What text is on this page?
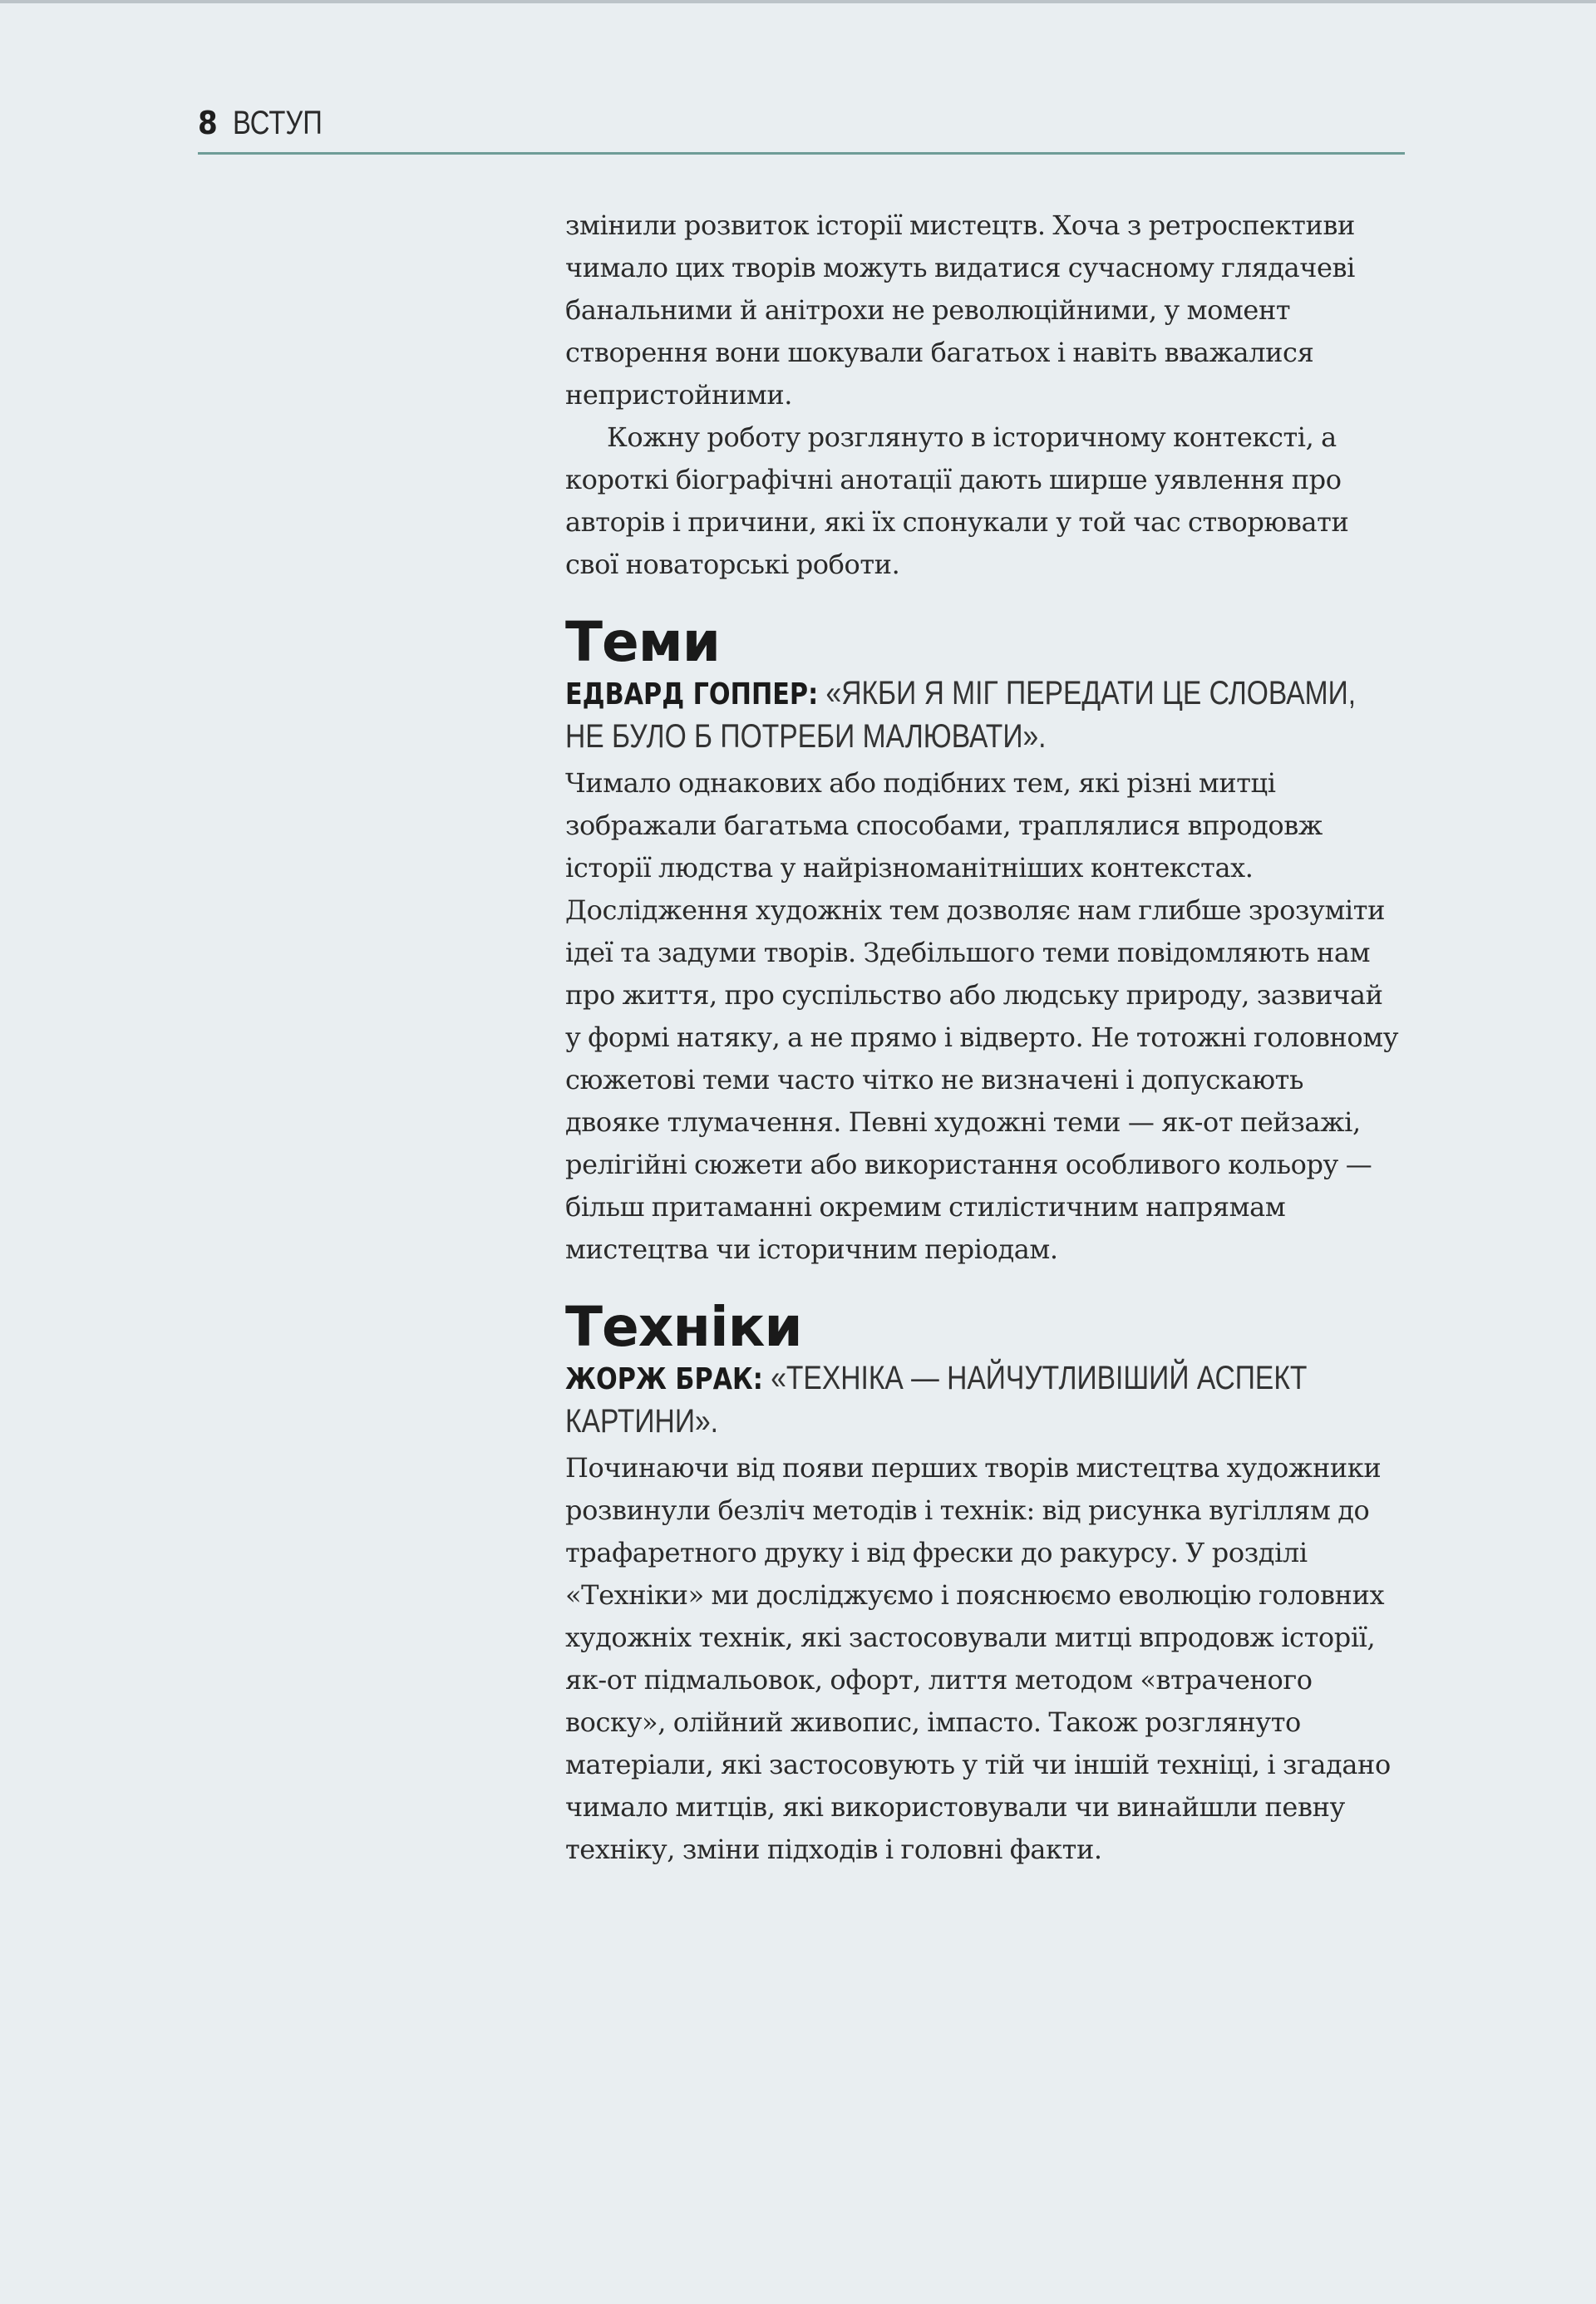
8 ВСТУП

змінили розвиток історії мистецтв. Хоча з ретроспективи чимало цих творів можуть видатися сучасному глядачеві банальними й анітрохи не революційними, у момент створення вони шокували багатьох і навіть вважалися непристойними.

Кожну роботу розглянуто в історичному контексті, а короткі біографічні анотації дають ширше уявлення про авторів і причини, які їх спонукали у той час створювати свої новаторські роботи.

Теми

ЕДВАРД ГОППЕР: «ЯКБИ Я МІГ ПЕРЕДАТИ ЦЕ СЛОВАМИ, НЕ БУЛО Б ПОТРЕБИ МАЛЮВАТИ».

Чимало однакових або подібних тем, які різні митці зображали багатьма способами, траплялися впродовж історії людства у найрізноманітніших контекстах. Дослідження художніх тем дозволяє нам глибше зрозуміти ідеї та задуми творів. Здебільшого теми повідомляють нам про життя, про суспільство або людську природу, зазвичай у формі натяку, а не прямо і відверто. Не тотожні головному сюжетові теми часто чітко не визначені і допускають двояке тлумачення. Певні художні теми — як-от пейзажі, релігійні сюжети або використання особливого кольору — більш притаманні окремим стилістичним напрямам мистецтва чи історичним періодам.

Техніки

ЖОРЖ БРАК: «ТЕХНІКА — НАЙЧУТЛИВІШИЙ АСПЕКТ КАРТИНИ».

Починаючи від появи перших творів мистецтва художники розвинули безліч методів і технік: від рисунка вугіллям до трафаретного друку і від фрески до ракурсу. У розділі «Техніки» ми досліджуємо і пояснюємо еволюцію головних художніх технік, які застосовували митці впродовж історії, як-от підмальовок, офорт, лиття методом «втраченого воску», олійний живопис, імпасто. Також розглянуто матеріали, які застосовують у тій чи іншій техніці, і згадано чимало митців, які використовували чи винайшли певну техніку, зміни підходів і головні факти.
